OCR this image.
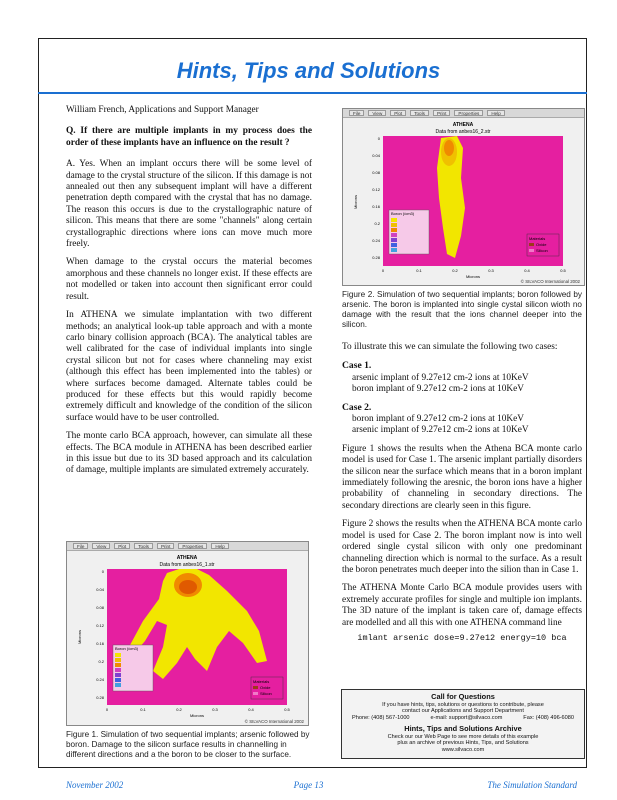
Hints, Tips and Solutions
William French, Applications and Support Manager
Q. If there are multiple implants in my process does the order of these implants have an influence on the result ?

A. Yes. When an implant occurs there will be some level of damage to the crystal structure of the silicon. If this damage is not annealed out then any subsequent implant will have a different penetration depth compared with the crystal that has no damage. The reason this occurs is due to the crystallographic nature of silicon. This means that there are some "channels" along certain crystallographic directions where ions can move much more freely.

When damage to the crystal occurs the material becomes amorphous and these channels no longer exist. If these effects are not modelled or taken into account then significant error could result.

In ATHENA we simulate implantation with two different methods; an analytical look-up table approach and with a monte carlo binary collision approach (BCA). The analytical tables are well calibrated for the case of individual implants into single crystal silicon but not for cases where channeling may exist (although this effect has been implemented into the tables) or where surfaces become damaged. Alternate tables could be produced for these effects but this would rapidly become extremely difficult and knowledge of the condition of the silicon surface would have to be user controlled.

The monte carlo BCA approach, however, can simulate all these effects. The BCA module in ATHENA has been described earlier in this issue but due to its 3D based approach and its calculation of damage, multiple implants are simulated extremely accurately.

File	View	Plot	Tools	Print	Properties	Help
ATHENA
Data from anbes16_1.str
Boron (/cm3)
Materials
Oxide
Silicon
0
0.04
0.08
0.12
0.16
0.2
0.24
0.28
Microns
0	0.1	0.2	0.3	0.4	0.5
Microns
© SILVACO International 2002
Figure 1. Simulation of two sequential implants; arsenic followed by boron. Damage to the silicon surface results in channelling in different directions and a the boron to be closer to the surface.
File	View	Plot	Tools	Print	Properties	Help
ATHENA
Data from anbes16_2.str
Boron (/cm3)
Materials
Oxide
Silicon
0
0.04
0.08
0.12
0.16
0.2
0.24
0.28
Microns
0	0.1	0.2	0.3	0.4	0.5
Microns
© SILVACO International 2002
Figure 2. Simulation of two sequential implants; boron followed by arsenic. The boron is implanted into single cystal silicon wioth no damage with the result that the ions channel deeper into the silicon.

To illustrate this we can simulate the following two cases:

Case 1.
arsenic implant of 9.27e12 cm-2 ions at 10KeV
boron implant of 9.27e12 cm-2 ions at 10KeV
Case 2.
boron implant of 9.27e12 cm-2 ions at 10KeV
arsenic implant of 9.27e12 cm-2 ions at 10KeV

Figure 1 shows the results when the Athena BCA monte carlo model is used for Case 1. The arsenic implant partially disorders the silicon near the surface which means that in a boron implant immediately following the aresnic, the boron ions have a higher probability of channeling in secondary directions. The secondary directions are clearly seen in this figure.

Figure 2 shows the results when the ATHENA BCA monte carlo model is used for Case 2. The boron implant now is into well ordered single cystal silicon with only one predominant channeling direction which is normal to the surface. As a result the boron penetrates much deeper into the silion than in Case 1.

The ATHENA Monte Carlo BCA module provides users with extremely accurate profiles for single and multiple ion implants. The 3D nature of the implant is taken care of, damage effects are modelled and all this with one ATHENA command line

imlant arsenic dose=9.27e12 energy=10 bca
Call for Questions
If you have hints, tips, solutions or questions to contribute, please
contact our Applications and Support Department
Phone: (408) 567-1000	e-mail: support@silvaco.com	Fax: (408) 496-6080
Hints, Tips and Solutions Archive
Check our our Web Page to see more details of this example
plus an archive of previous Hints, Tips, and Solutions
www.silvaco.com
November 2002	Page 13	The Simulation Standard
